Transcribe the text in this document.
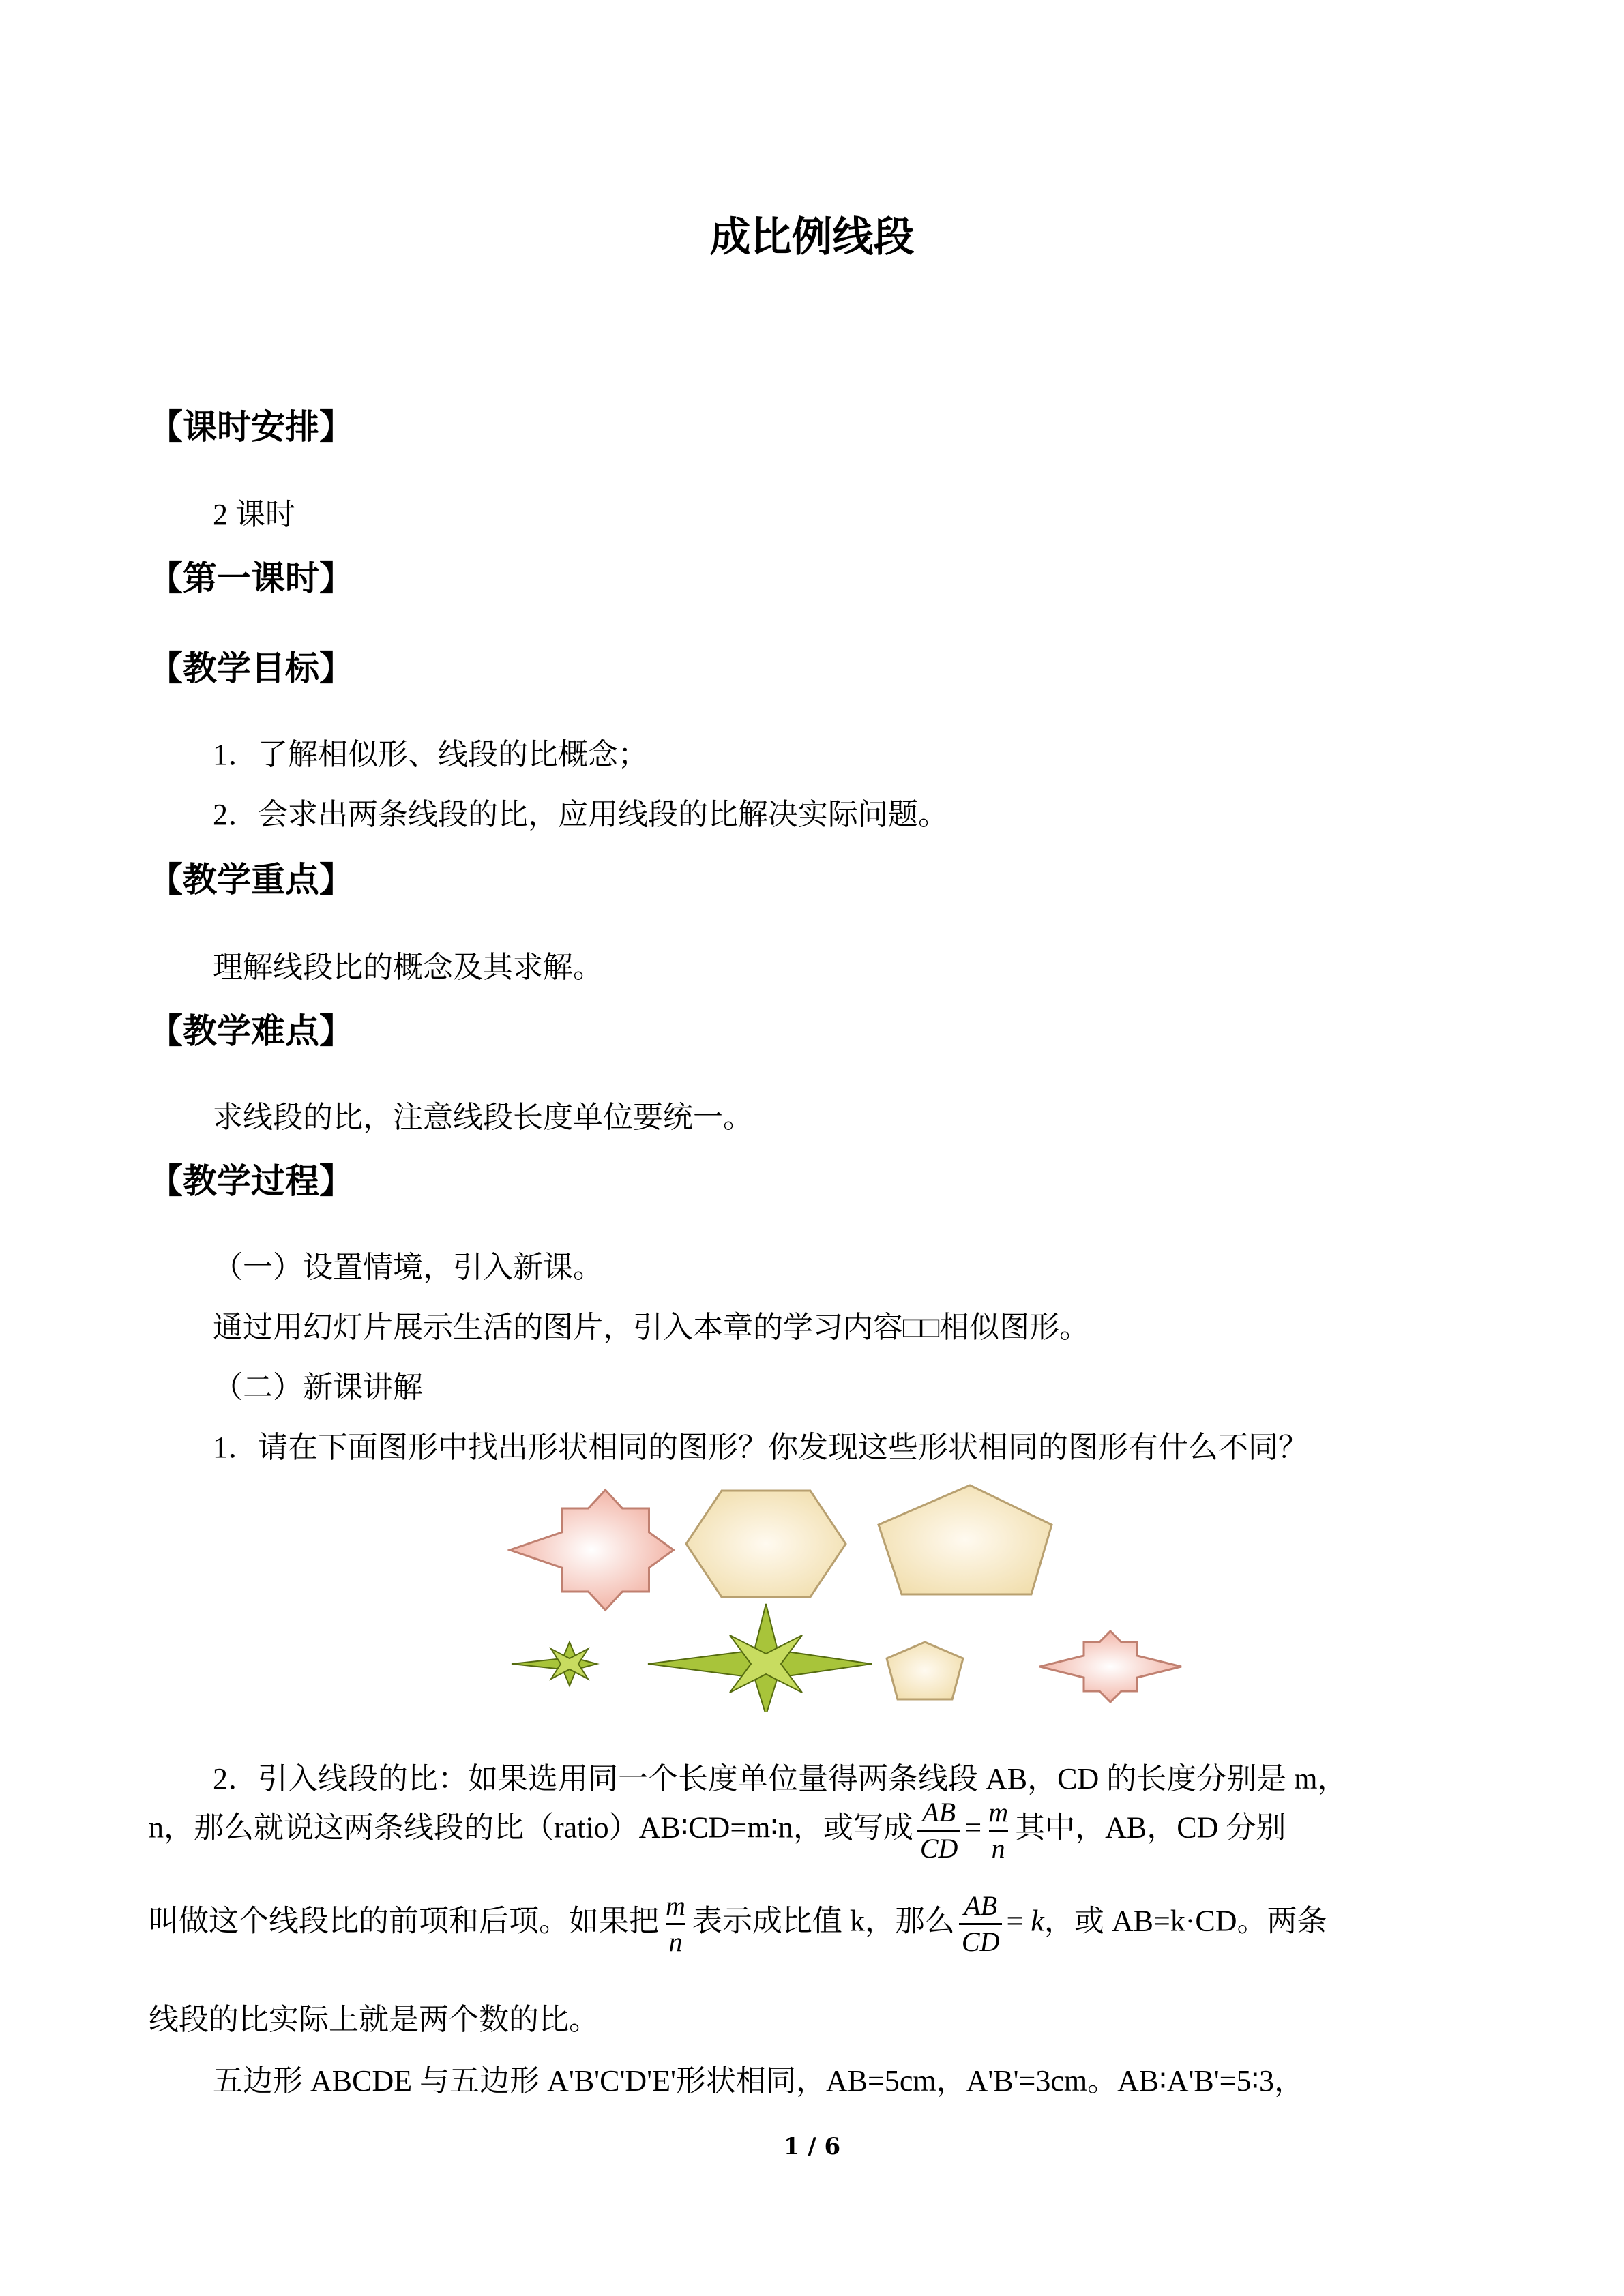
成比例线段
【课时安排】
2 课时
【第一课时】
【教学目标】
1．了解相似形、线段的比概念；
2．会求出两条线段的比，应用线段的比解决实际问题。
【教学重点】
理解线段比的概念及其求解。
【教学难点】
求线段的比，注意线段长度单位要统一。
【教学过程】
（一）设置情境，引入新课。
通过用幻灯片展示生活的图片，引入本章的学习内容□□相似图形。
（二）新课讲解
1．请在下面图形中找出形状相同的图形？你发现这些形状相同的图形有什么不同？
2．引入线段的比：如果选用同一个长度单位量得两条线段 AB，CD 的长度分别是 m，
n，那么就说这两条线段的比（ratio）AB∶CD=m∶n，或写成 $\frac{AB}{CD} = \frac{m}{n}$ 其中，AB，CD 分别
叫做这个线段比的前项和后项。如果把 $\frac{m}{n}$ 表示成比值 k，那么 $\frac{AB}{CD} = k$，或 AB=k·CD。两条
线段的比实际上就是两个数的比。
五边形 ABCDE 与五边形 A'B'C'D'E'形状相同，AB=5cm，A'B'=3cm。AB∶A'B'=5∶3，
1 / 6
